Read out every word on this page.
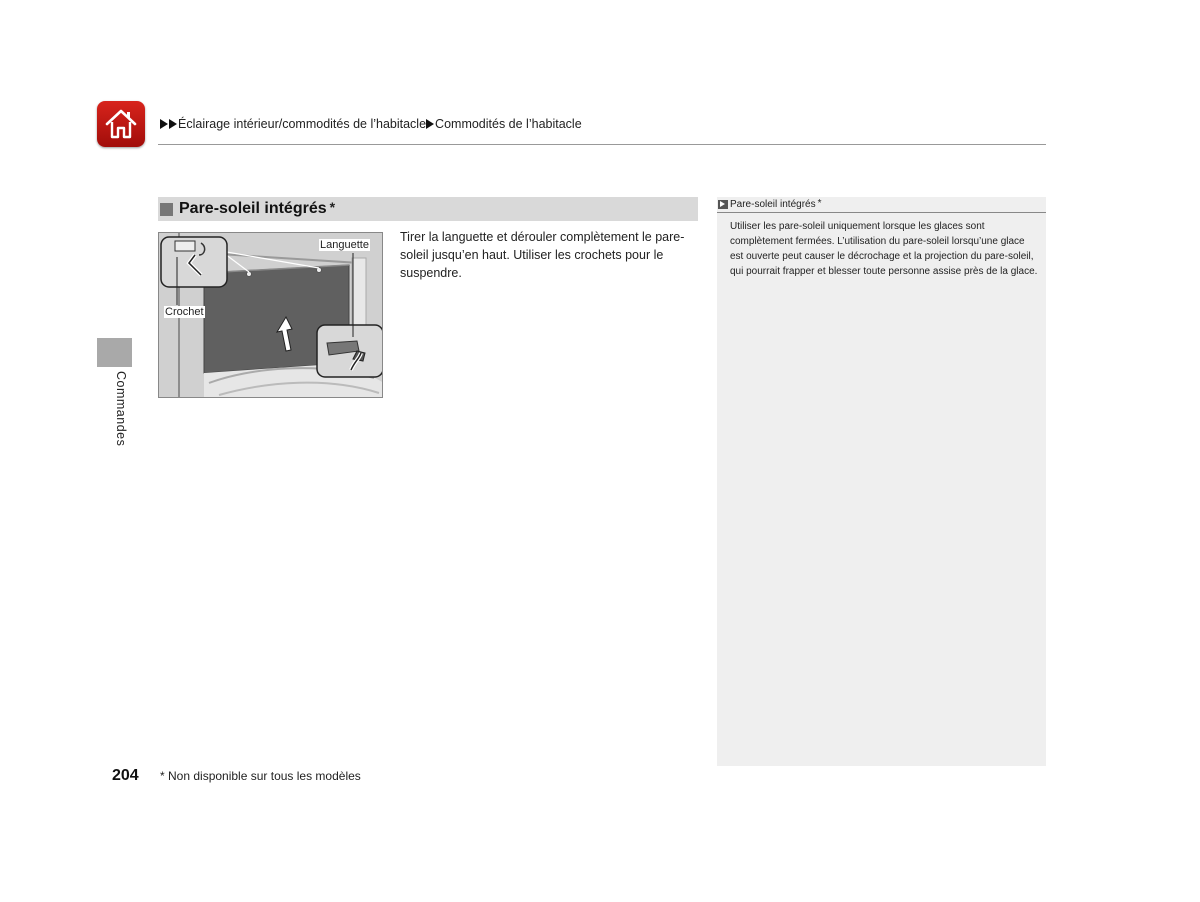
Éclairage intérieur/commodités de l’habitacle Commodités de l’habitacle
Commandes
Pare-soleil intégrés *
Languette
Crochet
Tirer la languette et dérouler complètement le pare-soleil jusqu’en haut. Utiliser les crochets pour le suspendre.
Pare-soleil intégrés *
Utiliser les pare-soleil uniquement lorsque les glaces sont complètement fermées. L’utilisation du pare-soleil lorsqu’une glace est ouverte peut causer le décrochage et la projection du pare-soleil, qui pourrait frapper et blesser toute personne assise près de la glace.
204 * Non disponible sur tous les modèles
